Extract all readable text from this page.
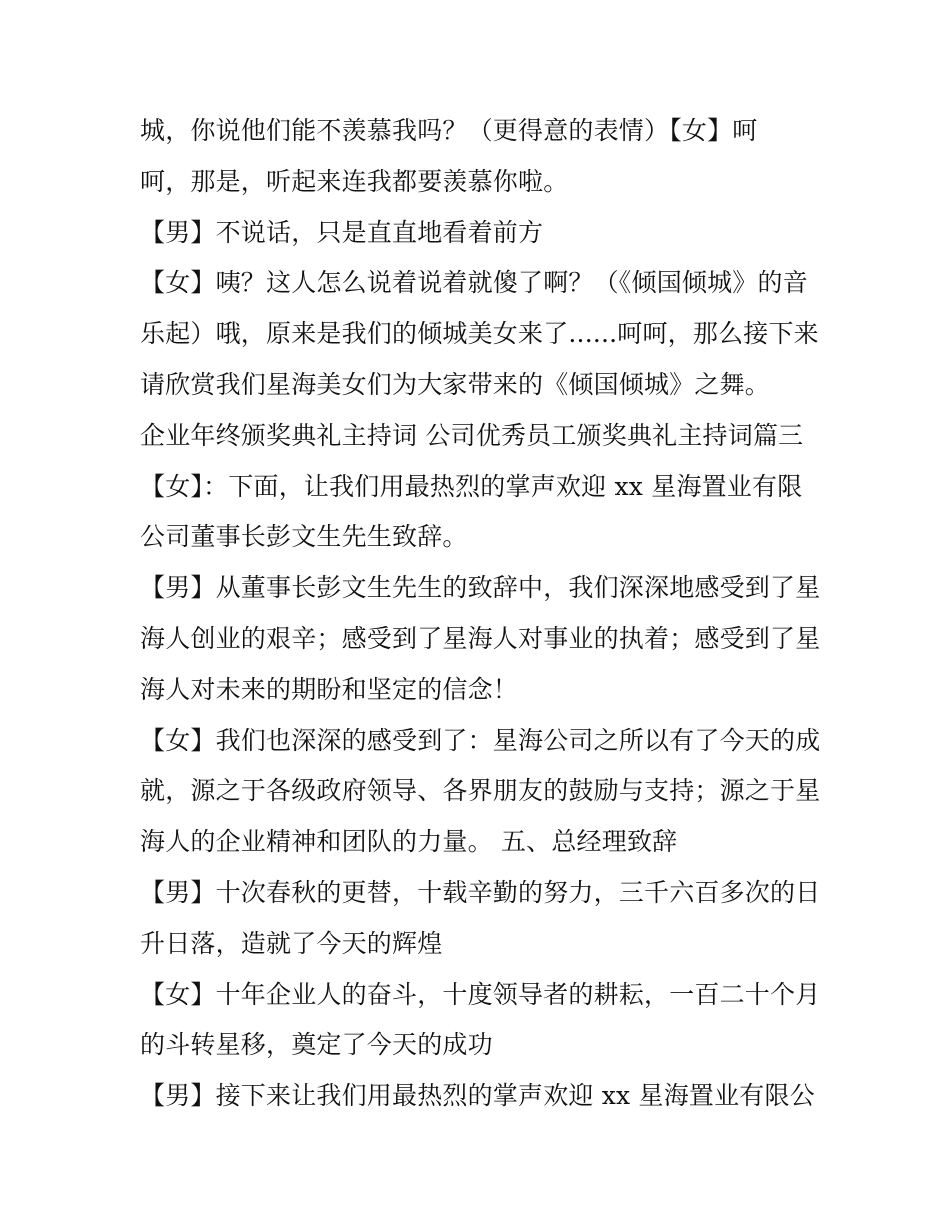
城，你说他们能不羡慕我吗？（更得意的表情）【女】呵
呵，那是，听起来连我都要羡慕你啦。
【男】不说话，只是直直地看着前方
【女】咦？这人怎么说着说着就傻了啊？（《倾国倾城》的音
乐起）哦，原来是我们的倾城美女来了......呵呵，那么接下来
请欣赏我们星海美女们为大家带来的《倾国倾城》之舞。
企业年终颁奖典礼主持词 公司优秀员工颁奖典礼主持词篇三
【女】：下面，让我们用最热烈的掌声欢迎 xx 星海置业有限
公司董事长彭文生先生致辞。
【男】从董事长彭文生先生的致辞中，我们深深地感受到了星
海人创业的艰辛；感受到了星海人对事业的执着；感受到了星
海人对未来的期盼和坚定的信念！
【女】我们也深深的感受到了：星海公司之所以有了今天的成
就，源之于各级政府领导、各界朋友的鼓励与支持；源之于星
海人的企业精神和团队的力量。 五、总经理致辞
【男】十次春秋的更替，十载辛勤的努力，三千六百多次的日
升日落，造就了今天的辉煌
【女】十年企业人的奋斗，十度领导者的耕耘，一百二十个月
的斗转星移，奠定了今天的成功
【男】接下来让我们用最热烈的掌声欢迎 xx 星海置业有限公
